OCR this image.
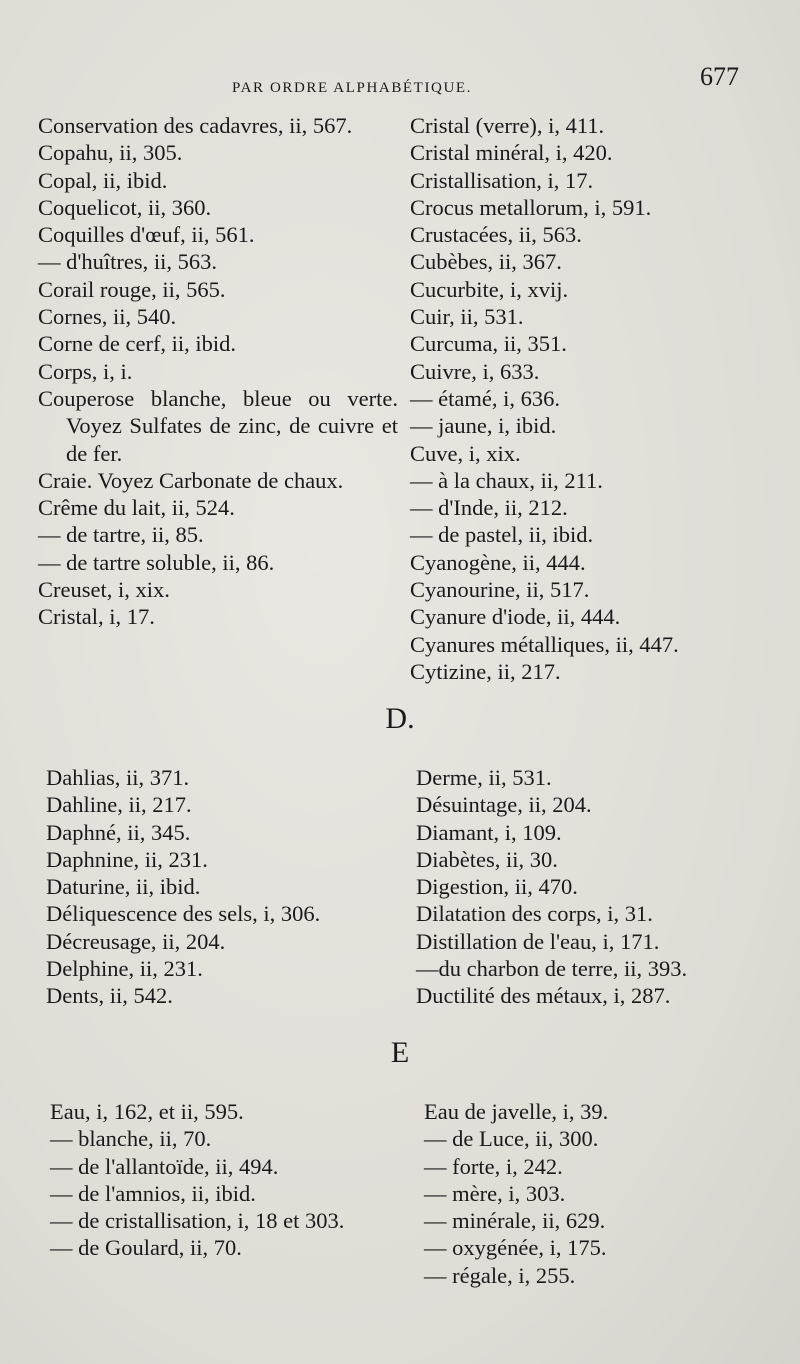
PAR ORDRE ALPHABÉTIQUE.	677
Conservation des cadavres, ii, 567.
Copahu, ii, 305.
Copal, ii, ibid.
Coquelicot, ii, 360.
Coquilles d'œuf, ii, 561.
— d'huîtres, ii, 563.
Corail rouge, ii, 565.
Cornes, ii, 540.
Corne de cerf, ii, ibid.
Corps, i, i.
Couperose blanche, bleue ou verte. Voyez Sulfates de zinc, de cuivre et de fer.
Craie. Voyez Carbonate de chaux.
Crême du lait, ii, 524.
— de tartre, ii, 85.
— de tartre soluble, ii, 86.
Creuset, i, xix.
Cristal, i, 17.
Cristal (verre), i, 411.
Cristal minéral, i, 420.
Cristallisation, i, 17.
Crocus metallorum, i, 591.
Crustacées, ii, 563.
Cubèbes, ii, 367.
Cucurbite, i, xvij.
Cuir, ii, 531.
Curcuma, ii, 351.
Cuivre, i, 633.
— étamé, i, 636.
— jaune, i, ibid.
Cuve, i, xix.
— à la chaux, ii, 211.
— d'Inde, ii, 212.
— de pastel, ii, ibid.
Cyanogène, ii, 444.
Cyanourine, ii, 517.
Cyanure d'iode, ii, 444.
Cyanures métalliques, ii, 447.
Cytizine, ii, 217.
D.
Dahlias, ii, 371.
Dahline, ii, 217.
Daphné, ii, 345.
Daphnine, ii, 231.
Daturine, ii, ibid.
Déliquescence des sels, i, 306.
Décreusage, ii, 204.
Delphine, ii, 231.
Dents, ii, 542.
Derme, ii, 531.
Désuintage, ii, 204.
Diamant, i, 109.
Diabètes, ii, 30.
Digestion, ii, 470.
Dilatation des corps, i, 31.
Distillation de l'eau, i, 171.
—du charbon de terre, ii, 393.
Ductilité des métaux, i, 287.
E
Eau, i, 162, et ii, 595.
— blanche, ii, 70.
— de l'allantoïde, ii, 494.
— de l'amnios, ii, ibid.
— de cristallisation, i, 18 et 303.
— de Goulard, ii, 70.
Eau de javelle, i, 39.
— de Luce, ii, 300.
— forte, i, 242.
— mère, i, 303.
— minérale, ii, 629.
— oxygénée, i, 175.
— régale, i, 255.
